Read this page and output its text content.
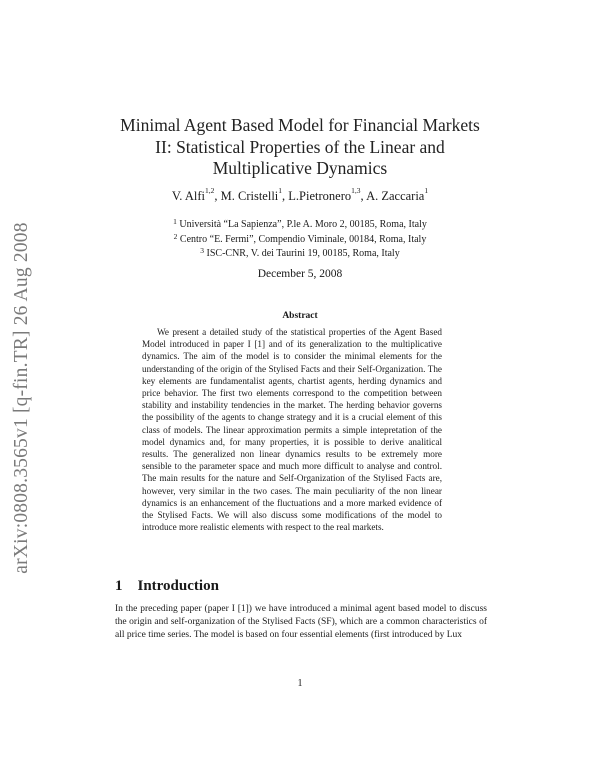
arXiv:0808.3565v1 [q-fin.TR] 26 Aug 2008
Minimal Agent Based Model for Financial Markets
II: Statistical Properties of the Linear and
Multiplicative Dynamics
V. Alfi$^{1,2}$, M. Cristelli$^1$, L.Pietronero$^{1,3}$, A. Zaccaria$^1$
$^1$ Università “La Sapienza”, P.le A. Moro 2, 00185, Roma, Italy
$^2$ Centro “E. Fermi”, Compendio Viminale, 00184, Roma, Italy
$^3$ ISC-CNR, V. dei Taurini 19, 00185, Roma, Italy
December 5, 2008
Abstract
We present a detailed study of the statistical properties of the Agent Based Model introduced in paper I [1] and of its generalization to the multiplicative dynamics. The aim of the model is to consider the minimal elements for the understanding of the origin of the Stylised Facts and their Self-Organization. The key elements are fundamentalist agents, chartist agents, herding dynamics and price behavior. The first two elements correspond to the competition between stability and instability tendencies in the market. The herding behavior governs the possibility of the agents to change strategy and it is a crucial element of this class of models. The linear approximation permits a simple intepretation of the model dynamics and, for many properties, it is possible to derive analitical results. The generalized non linear dynamics results to be extremely more sensible to the parameter space and much more difficult to analyse and control. The main results for the nature and Self-Organization of the Stylised Facts are, however, very similar in the two cases. The main peculiarity of the non linear dynamics is an enhancement of the fluctuations and a more marked evidence of the Stylised Facts. We will also discuss some modifications of the model to introduce more realistic elements with respect to the real markets.
1 Introduction
In the preceding paper (paper I [1]) we have introduced a minimal agent based model to discuss the origin and self-organization of the Stylised Facts (SF), which are a common characteristics of all price time series. The model is based on four essential elements (first introduced by Lux
1
